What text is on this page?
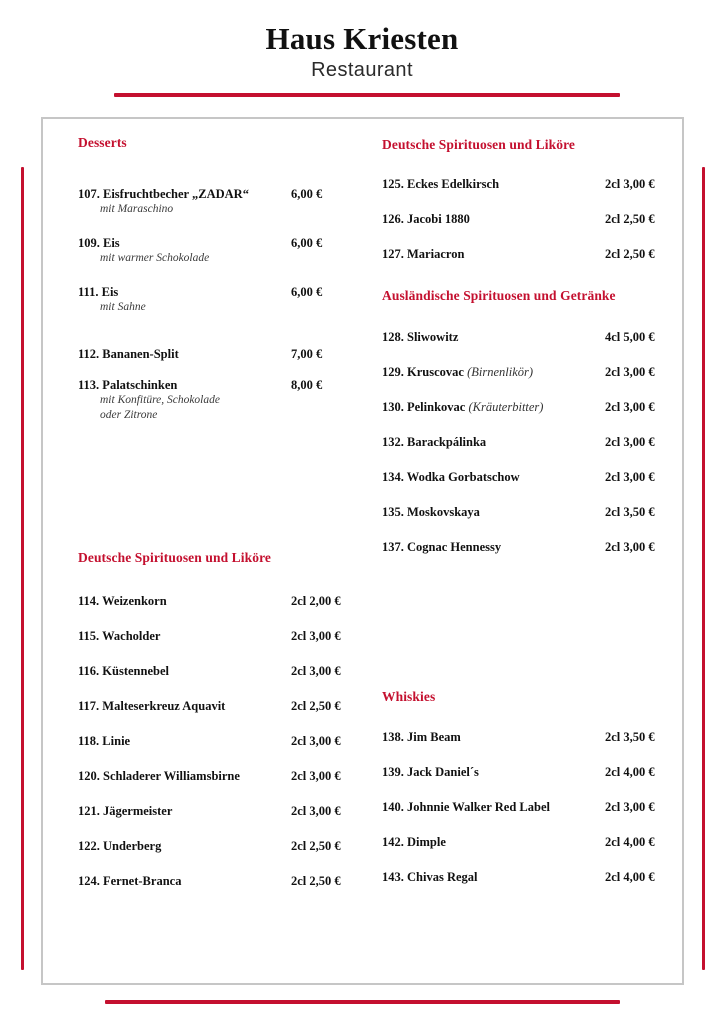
Haus Kriesten
Restaurant
Desserts
107. Eisfruchtbecher „ZADAR“	6,00 €
mit Maraschino
109. Eis	6,00 €
mit warmer Schokolade
111. Eis	6,00 €
mit Sahne
112. Bananen-Split	7,00 €
113. Palatschinken	8,00 €
mit Konfitüre, Schokolade
oder Zitrone
Deutsche Spirituosen und Liköre
114. Weizenkorn	2cl 2,00 €
115. Wacholder	2cl 3,00 €
116. Küstennebel	2cl 3,00 €
117. Malteserkreuz Aquavit	2cl 2,50 €
118. Linie	2cl 3,00 €
120. Schladerer Williamsbirne	2cl 3,00 €
121. Jägermeister	2cl 3,00 €
122. Underberg	2cl 2,50 €
124. Fernet-Branca	2cl 2,50 €
Deutsche Spirituosen und Liköre
125. Eckes Edelkirsch	2cl 3,00 €
126. Jacobi 1880	2cl 2,50 €
127. Mariacron	2cl 2,50 €
Ausländische Spirituosen und Getränke
128. Sliwowitz	4cl 5,00 €
129. Kruscovac (Birnenlikör)	2cl 3,00 €
130. Pelinkovac (Kräuterbitter)	2cl 3,00 €
132. Barackpálinka	2cl 3,00 €
134. Wodka Gorbatschow	2cl 3,00 €
135. Moskovskaya	2cl 3,50 €
137. Cognac Hennessy	2cl 3,00 €
Whiskies
138. Jim Beam	2cl 3,50 €
139. Jack Daniel´s	2cl 4,00 €
140. Johnnie Walker Red Label	2cl 3,00 €
142. Dimple	2cl 4,00 €
143. Chivas Regal	2cl 4,00 €
